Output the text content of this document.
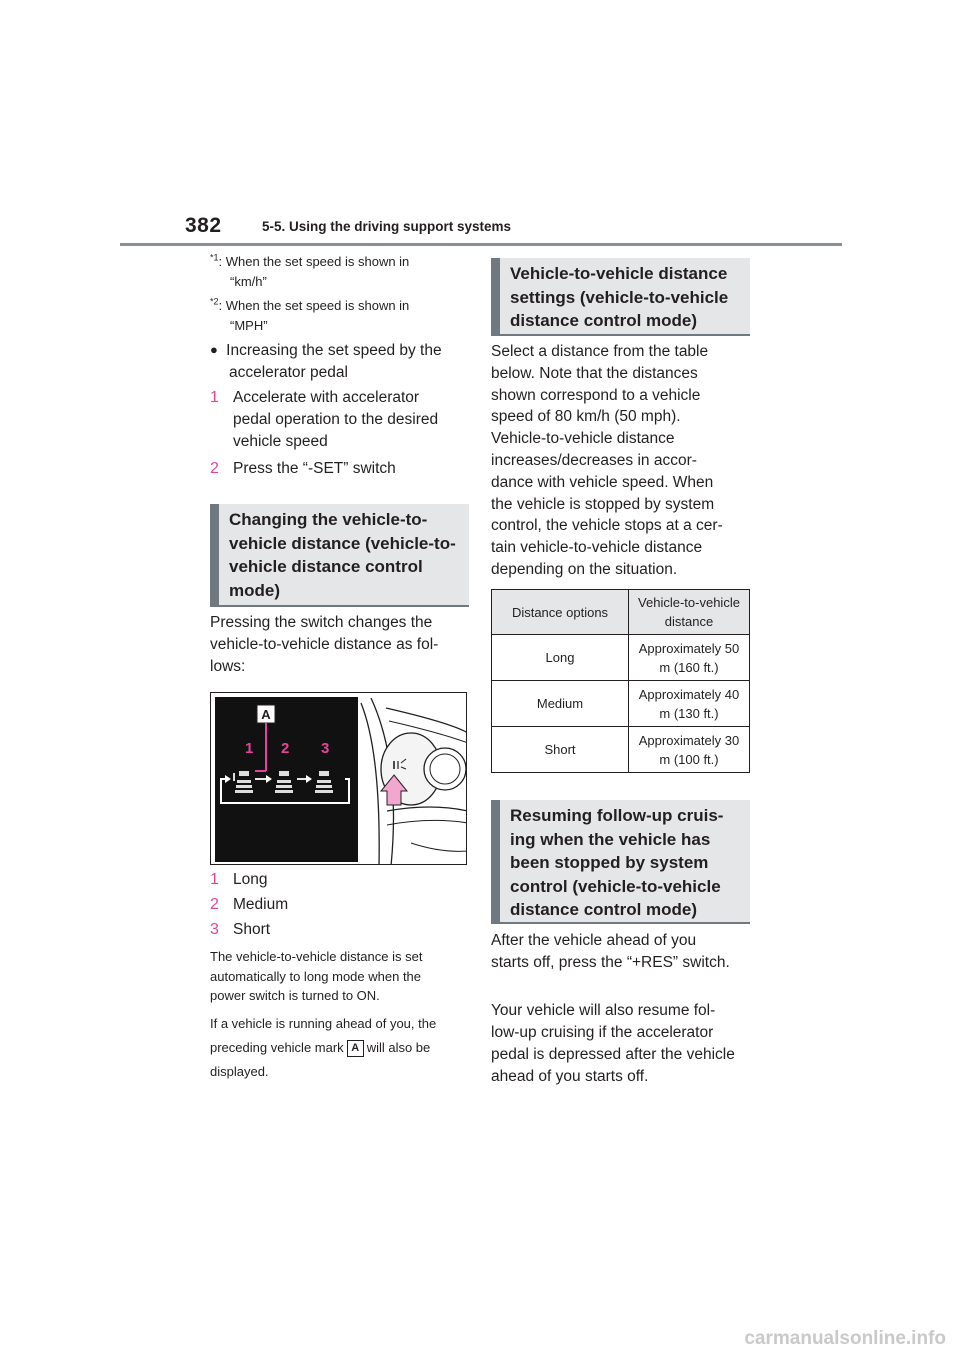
382	5-5. Using the driving support systems
$^{*1}$: When the set speed is shown in
“km/h”
$^{*2}$: When the set speed is shown in
“MPH”
● Increasing the set speed by the
accelerator pedal
1 Accelerate with accelerator
pedal operation to the desired
vehicle speed
2 Press the “-SET” switch
Changing the vehicle-to-
vehicle distance (vehicle-to-
vehicle distance control
mode)
Pressing the switch changes the
vehicle-to-vehicle distance as fol-
lows:
A
1 2 3
1 Long
2 Medium
3 Short
The vehicle-to-vehicle distance is set
automatically to long mode when the
power switch is turned to ON.
If a vehicle is running ahead of you, the
preceding vehicle mark A will also be
displayed.
Vehicle-to-vehicle distance
settings (vehicle-to-vehicle
distance control mode)
Select a distance from the table
below. Note that the distances
shown correspond to a vehicle
speed of 80 km/h (50 mph).
Vehicle-to-vehicle distance
increases/decreases in accor-
dance with vehicle speed. When
the vehicle is stopped by system
control, the vehicle stops at a cer-
tain vehicle-to-vehicle distance
depending on the situation.
Distance options	Vehicle-to-vehicle
distance
Long	Approximately 50
m (160 ft.)
Medium	Approximately 40
m (130 ft.)
Short	Approximately 30
m (100 ft.)
Resuming follow-up cruis-
ing when the vehicle has
been stopped by system
control (vehicle-to-vehicle
distance control mode)
After the vehicle ahead of you
starts off, press the “+RES” switch.
Your vehicle will also resume fol-
low-up cruising if the accelerator
pedal is depressed after the vehicle
ahead of you starts off.
carmanualsonline.info
